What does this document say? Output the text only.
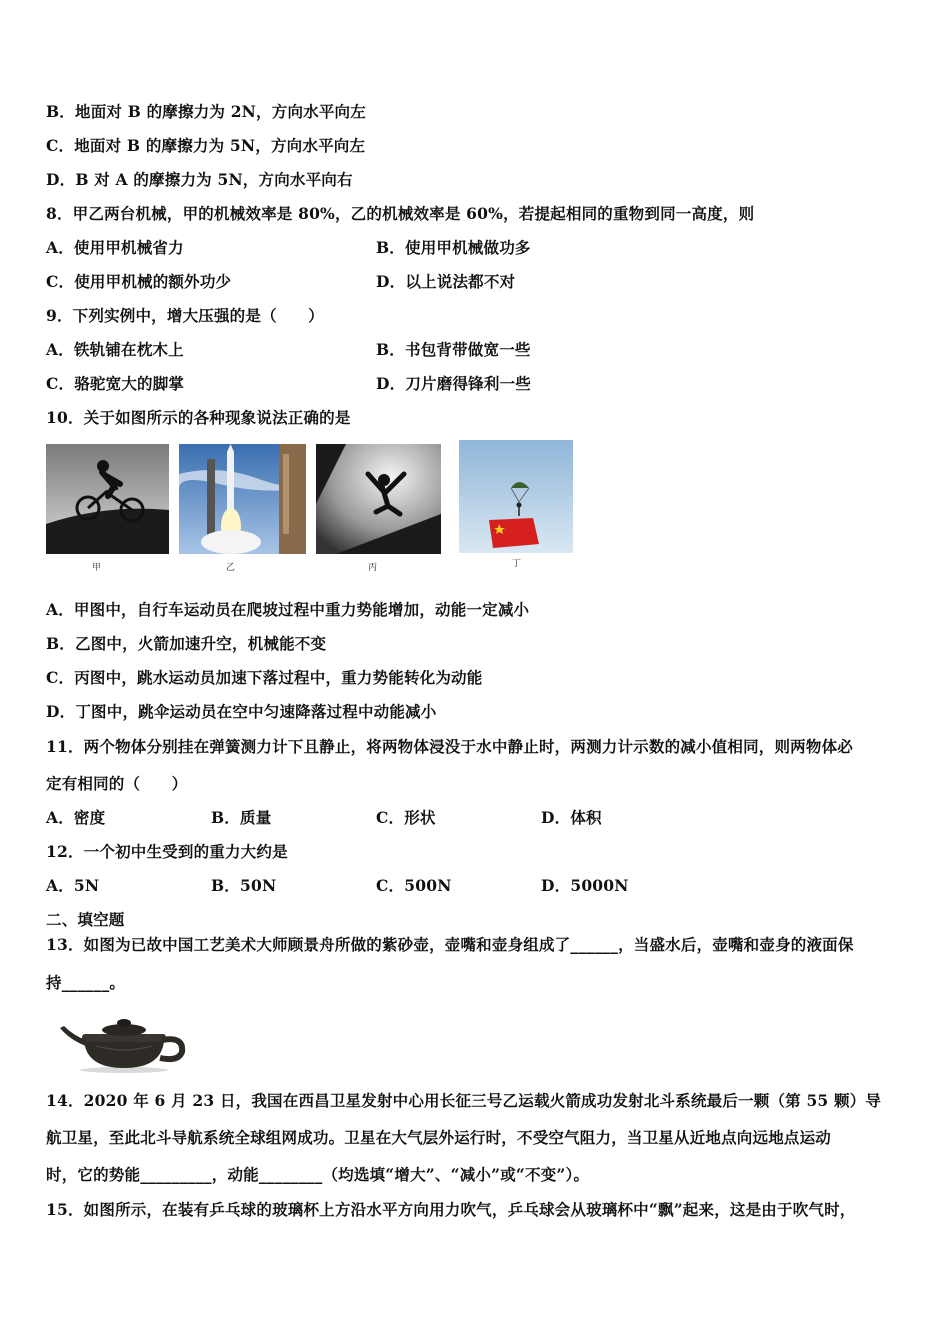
B．地面对 B 的摩擦力为 2N，方向水平向左
C．地面对 B 的摩擦力为 5N，方向水平向左
D．B 对 A 的摩擦力为 5N，方向水平向右
8．甲乙两台机械，甲的机械效率是 80%，乙的机械效率是 60%，若提起相同的重物到同一高度，则
A．使用甲机械省力	B．使用甲机械做功多
C．使用甲机械的额外功少	D．以上说法都不对
9．下列实例中，增大压强的是（　　）
A．铁轨铺在枕木上	B．书包背带做宽一些
C．骆驼宽大的脚掌	D．刀片磨得锋利一些
10．关于如图所示的各种现象说法正确的是
甲	乙	丙	丁
A．甲图中，自行车运动员在爬坡过程中重力势能增加，动能一定减小
B．乙图中，火箭加速升空，机械能不变
C．丙图中，跳水运动员加速下落过程中，重力势能转化为动能
D．丁图中，跳伞运动员在空中匀速降落过程中动能减小
11．两个物体分别挂在弹簧测力计下且静止，将两物体浸没于水中静止时，两测力计示数的减小值相同，则两物体必
定有相同的（　　）
A．密度	B．质量	C．形状	D．体积
12．一个初中生受到的重力大约是
A．5N	B．50N	C．500N	D．5000N
二、填空题
13．如图为已故中国工艺美术大师顾景舟所做的紫砂壶，壶嘴和壶身组成了______，当盛水后，壶嘴和壶身的液面保
持______。
14．2020 年 6 月 23 日，我国在西昌卫星发射中心用长征三号乙运载火箭成功发射北斗系统最后一颗（第 55 颗）导
航卫星，至此北斗导航系统全球组网成功。卫星在大气层外运行时，不受空气阻力，当卫星从近地点向远地点运动
时，它的势能_________，动能________（均选填“增大”、“减小”或“不变”）。
15．如图所示，在装有乒乓球的玻璃杯上方沿水平方向用力吹气，乒乓球会从玻璃杯中“飘”起来，这是由于吹气时，
